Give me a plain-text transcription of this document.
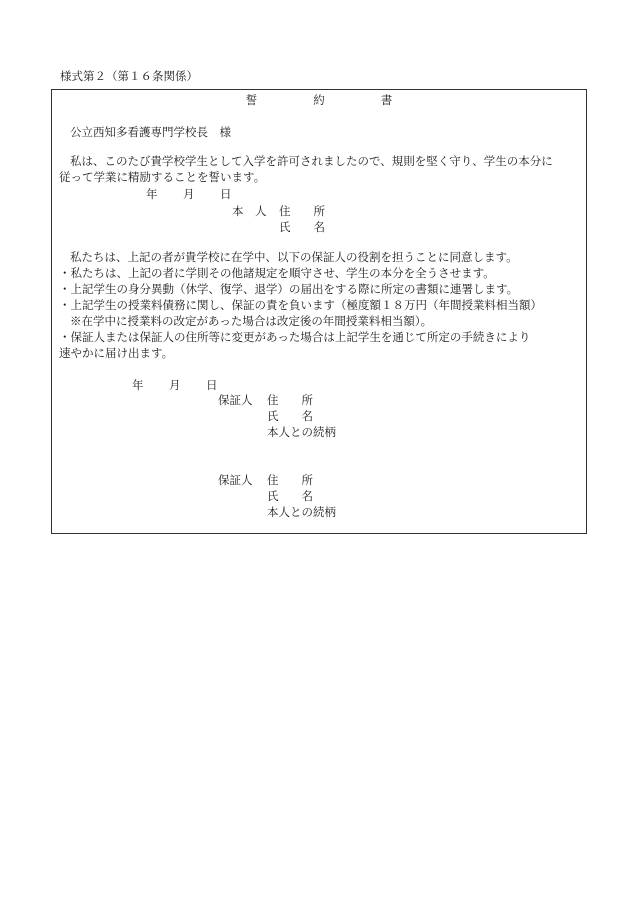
様式第２（第１６条関係）
誓	約	書
公立西知多看護専門学校長　様
私は、このたび貴学校学生として入学を許可されましたので、規則を堅く守り、学生の本分に
従って学業に精励することを誓います。
年 月 日
本　人 住　　所
氏　　名
私たちは、上記の者が貴学校に在学中、以下の保証人の役割を担うことに同意します。
・私たちは、上記の者に学則その他諸規定を順守させ、学生の本分を全うさせます。
・上記学生の身分異動（休学、復学、退学）の届出をする際に所定の書類に連署します。
・上記学生の授業料債務に関し、保証の責を負います（極度額１８万円（年間授業料相当額）
※在学中に授業料の改定があった場合は改定後の年間授業料相当額）。
・保証人または保証人の住所等に変更があった場合は上記学生を通じて所定の手続きにより
速やかに届け出ます。
年 月 日
保証人 住　　所
氏　　名
本人との続柄
保証人 住　　所
氏　　名
本人との続柄
